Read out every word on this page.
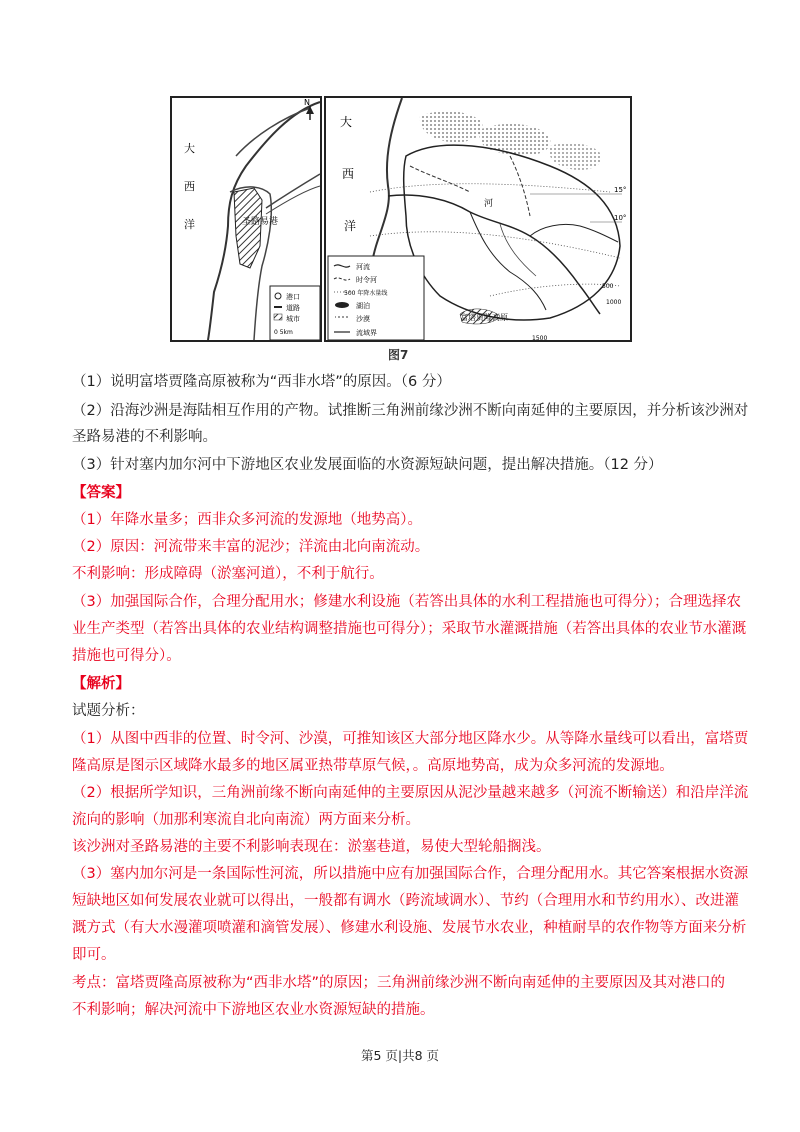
N
大
西
洋	圣路易港
港口
道路
城市
0 5km
15°
10°
500
1000
1500
大
西
洋
河
富塔贾隆高原
河流
时令河
500 年降水量线
湖泊
沙漠
流域界
图7
（1）说明富塔贾隆高原被称为“西非水塔”的原因。（6 分）
（2）沿海沙洲是海陆相互作用的产物。试推断三角洲前缘沙洲不断向南延伸的主要原因，并分析该沙洲对
圣路易港的不利影响。
（3）针对塞内加尔河中下游地区农业发展面临的水资源短缺问题，提出解决措施。（12 分）
【答案】
（1）年降水量多；西非众多河流的发源地（地势高）。
（2）原因：河流带来丰富的泥沙；洋流由北向南流动。
不利影响：形成障碍（淤塞河道），不利于航行。
（3）加强国际合作，合理分配用水；修建水利设施（若答出具体的水利工程措施也可得分）；合理选择农
业生产类型（若答出具体的农业结构调整措施也可得分）；采取节水灌溉措施（若答出具体的农业节水灌溉
措施也可得分）。
【解析】
试题分析：
（1）从图中西非的位置、时令河、沙漠，可推知该区大部分地区降水少。从等降水量线可以看出，富塔贾
隆高原是图示区域降水最多的地区属亚热带草原气候，。高原地势高，成为众多河流的发源地。
（2）根据所学知识，三角洲前缘不断向南延伸的主要原因从泥沙量越来越多（河流不断输送）和沿岸洋流
流向的影响（加那利寒流自北向南流）两方面来分析。
该沙洲对圣路易港的主要不利影响表现在：淤塞巷道，易使大型轮船搁浅。
（3）塞内加尔河是一条国际性河流，所以措施中应有加强国际合作，合理分配用水。其它答案根据水资源
短缺地区如何发展农业就可以得出，一般都有调水（跨流域调水）、节约（合理用水和节约用水）、改进灌
溉方式（有大水漫灌项喷灌和滴管发展）、修建水利设施、发展节水农业，种植耐旱的农作物等方面来分析
即可。
考点：富塔贾隆高原被称为“西非水塔”的原因；三角洲前缘沙洲不断向南延伸的主要原因及其对港口的
不利影响；解决河流中下游地区农业水资源短缺的措施。
第5 页|共8 页
